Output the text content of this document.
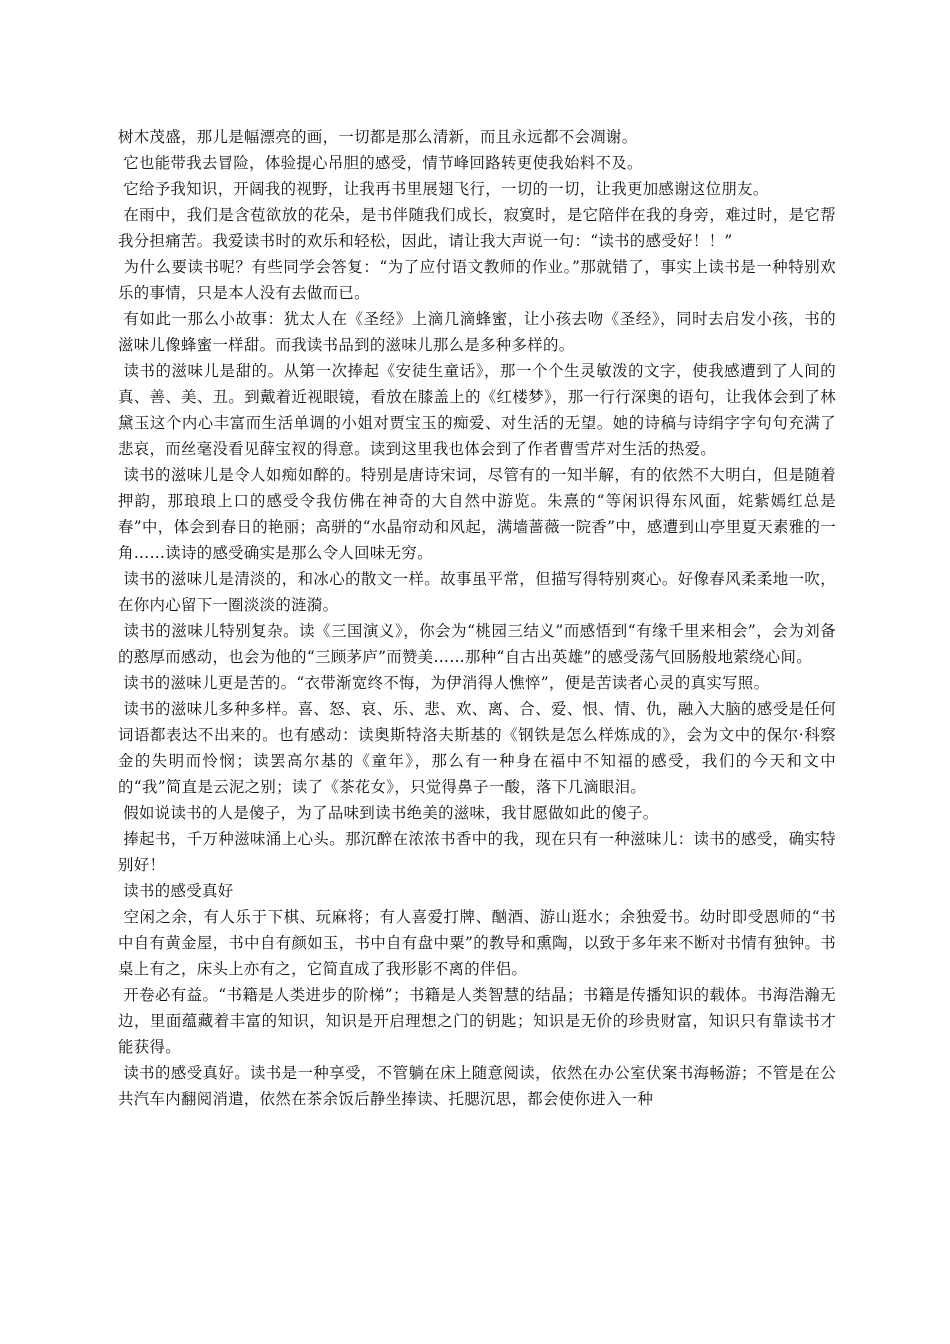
树木茂盛，那儿是幅漂亮的画，一切都是那么清新，而且永远都不会凋谢。

它也能带我去冒险，体验提心吊胆的感受，情节峰回路转更使我始料不及。

它给予我知识，开阔我的视野，让我再书里展翅飞行，一切的一切，让我更加感谢这位朋友。

在雨中，我们是含苞欲放的花朵，是书伴随我们成长，寂寞时，是它陪伴在我的身旁，难过时，是它帮我分担痛苦。我爱读书时的欢乐和轻松，因此，请让我大声说一句：“读书的感受好！！”

为什么要读书呢？有些同学会答复：“为了应付语文教师的作业。”那就错了，事实上读书是一种特别欢乐的事情，只是本人没有去做而已。

有如此一那么小故事：犹太人在《圣经》上滴几滴蜂蜜，让小孩去吻《圣经》，同时去启发小孩，书的滋味儿像蜂蜜一样甜。而我读书品到的滋味儿那么是多种多样的。

读书的滋味儿是甜的。从第一次捧起《安徒生童话》，那一个个生灵敏泼的文字，使我感遭到了人间的真、善、美、丑。到戴着近视眼镜，看放在膝盖上的《红楼梦》，那一行行深奥的语句，让我体会到了林黛玉这个内心丰富而生活单调的小姐对贾宝玉的痴爱、对生活的无望。她的诗稿与诗绢字字句句充满了悲哀，而丝毫没看见薛宝衩的得意。读到这里我也体会到了作者曹雪芹对生活的热爱。

读书的滋味儿是令人如痴如醉的。特别是唐诗宋词，尽管有的一知半解，有的依然不大明白，但是随着押韵，那琅琅上口的感受令我仿佛在神奇的大自然中游览。朱熹的“等闲识得东风面，姹紫嫣红总是春”中，体会到春日的艳丽；高骈的“水晶帘动和风起，满墙蔷薇一院香”中，感遭到山亭里夏天素雅的一角……读诗的感受确实是那么令人回味无穷。

读书的滋味儿是清淡的，和冰心的散文一样。故事虽平常，但描写得特别爽心。好像春风柔柔地一吹，在你内心留下一圈淡淡的涟漪。

读书的滋味儿特别复杂。读《三国演义》，你会为“桃园三结义”而感悟到“有缘千里来相会”，会为刘备的憨厚而感动，也会为他的“三顾茅庐”而赞美……那种“自古出英雄”的感受荡气回肠般地萦绕心间。

读书的滋味儿更是苦的。“衣带渐宽终不悔，为伊消得人憔悴”，便是苦读者心灵的真实写照。

读书的滋味儿多种多样。喜、怒、哀、乐、悲、欢、离、合、爱、恨、情、仇，融入大脑的感受是任何词语都表达不出来的。也有感动：读奥斯特洛夫斯基的《钢铁是怎么样炼成的》，会为文中的保尔·科察金的失明而怜悯；读罢高尔基的《童年》，那么有一种身在福中不知福的感受，我们的今天和文中的“我”简直是云泥之别；读了《茶花女》，只觉得鼻子一酸，落下几滴眼泪。

假如说读书的人是傻子，为了品味到读书绝美的滋味，我甘愿做如此的傻子。

捧起书，千万种滋味涌上心头。那沉醉在浓浓书香中的我，现在只有一种滋味儿：读书的感受，确实特别好！

读书的感受真好

空闲之余，有人乐于下棋、玩麻将；有人喜爱打牌、酗酒、游山逛水；余独爱书。幼时即受恩师的“书中自有黄金屋，书中自有颜如玉，书中自有盘中粟”的教导和熏陶，以致于多年来不断对书情有独钟。书桌上有之，床头上亦有之，它简直成了我形影不离的伴侣。

开卷必有益。“书籍是人类进步的阶梯”；书籍是人类智慧的结晶；书籍是传播知识的载体。书海浩瀚无边，里面蕴藏着丰富的知识，知识是开启理想之门的钥匙；知识是无价的珍贵财富，知识只有靠读书才能获得。

读书的感受真好。读书是一种享受，不管躺在床上随意阅读，依然在办公室伏案书海畅游；不管是在公共汽车内翻阅消遣，依然在茶余饭后静坐捧读、托腮沉思，都会使你进入一种
